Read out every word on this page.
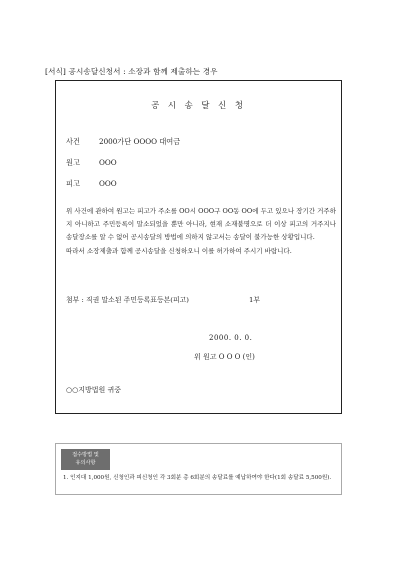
[서식] 공시송달신청서 : 소장과 함께 제출하는 경우
공 시 송 달 신 청
사건	2000가단 OOOO 대여금
원고	OOO
피고	OOO

위 사건에 관하여 원고는 피고가 주소를 OO시 OOO구 OO동 OO에 두고 있으나 장기간 거주하지 아니하고 주민등록이 말소되었을 뿐만 아니라, 현재 소재불명으로 더 이상 피고의 거주지나 송달장소를 알 수 없어 공시송달의 방법에 의하지 않고서는 송달이 불가능한 상황입니다.

따라서 소장제출과 함께 공시송달을 신청하오니 이를 허가하여 주시기 바랍니다.

첨부 : 직권 말소된 주민등록표등본(피고)	1부
2000. 0. 0.
위 원고 O O O (인)
○○지방법원 귀중
접수방법 및
유의사항
1. 인지대 1,000원, 신청인과 피신청인 각 3회분 총 6회분의 송달료를 예납하여야 한다(1회 송달료 5,500원).
